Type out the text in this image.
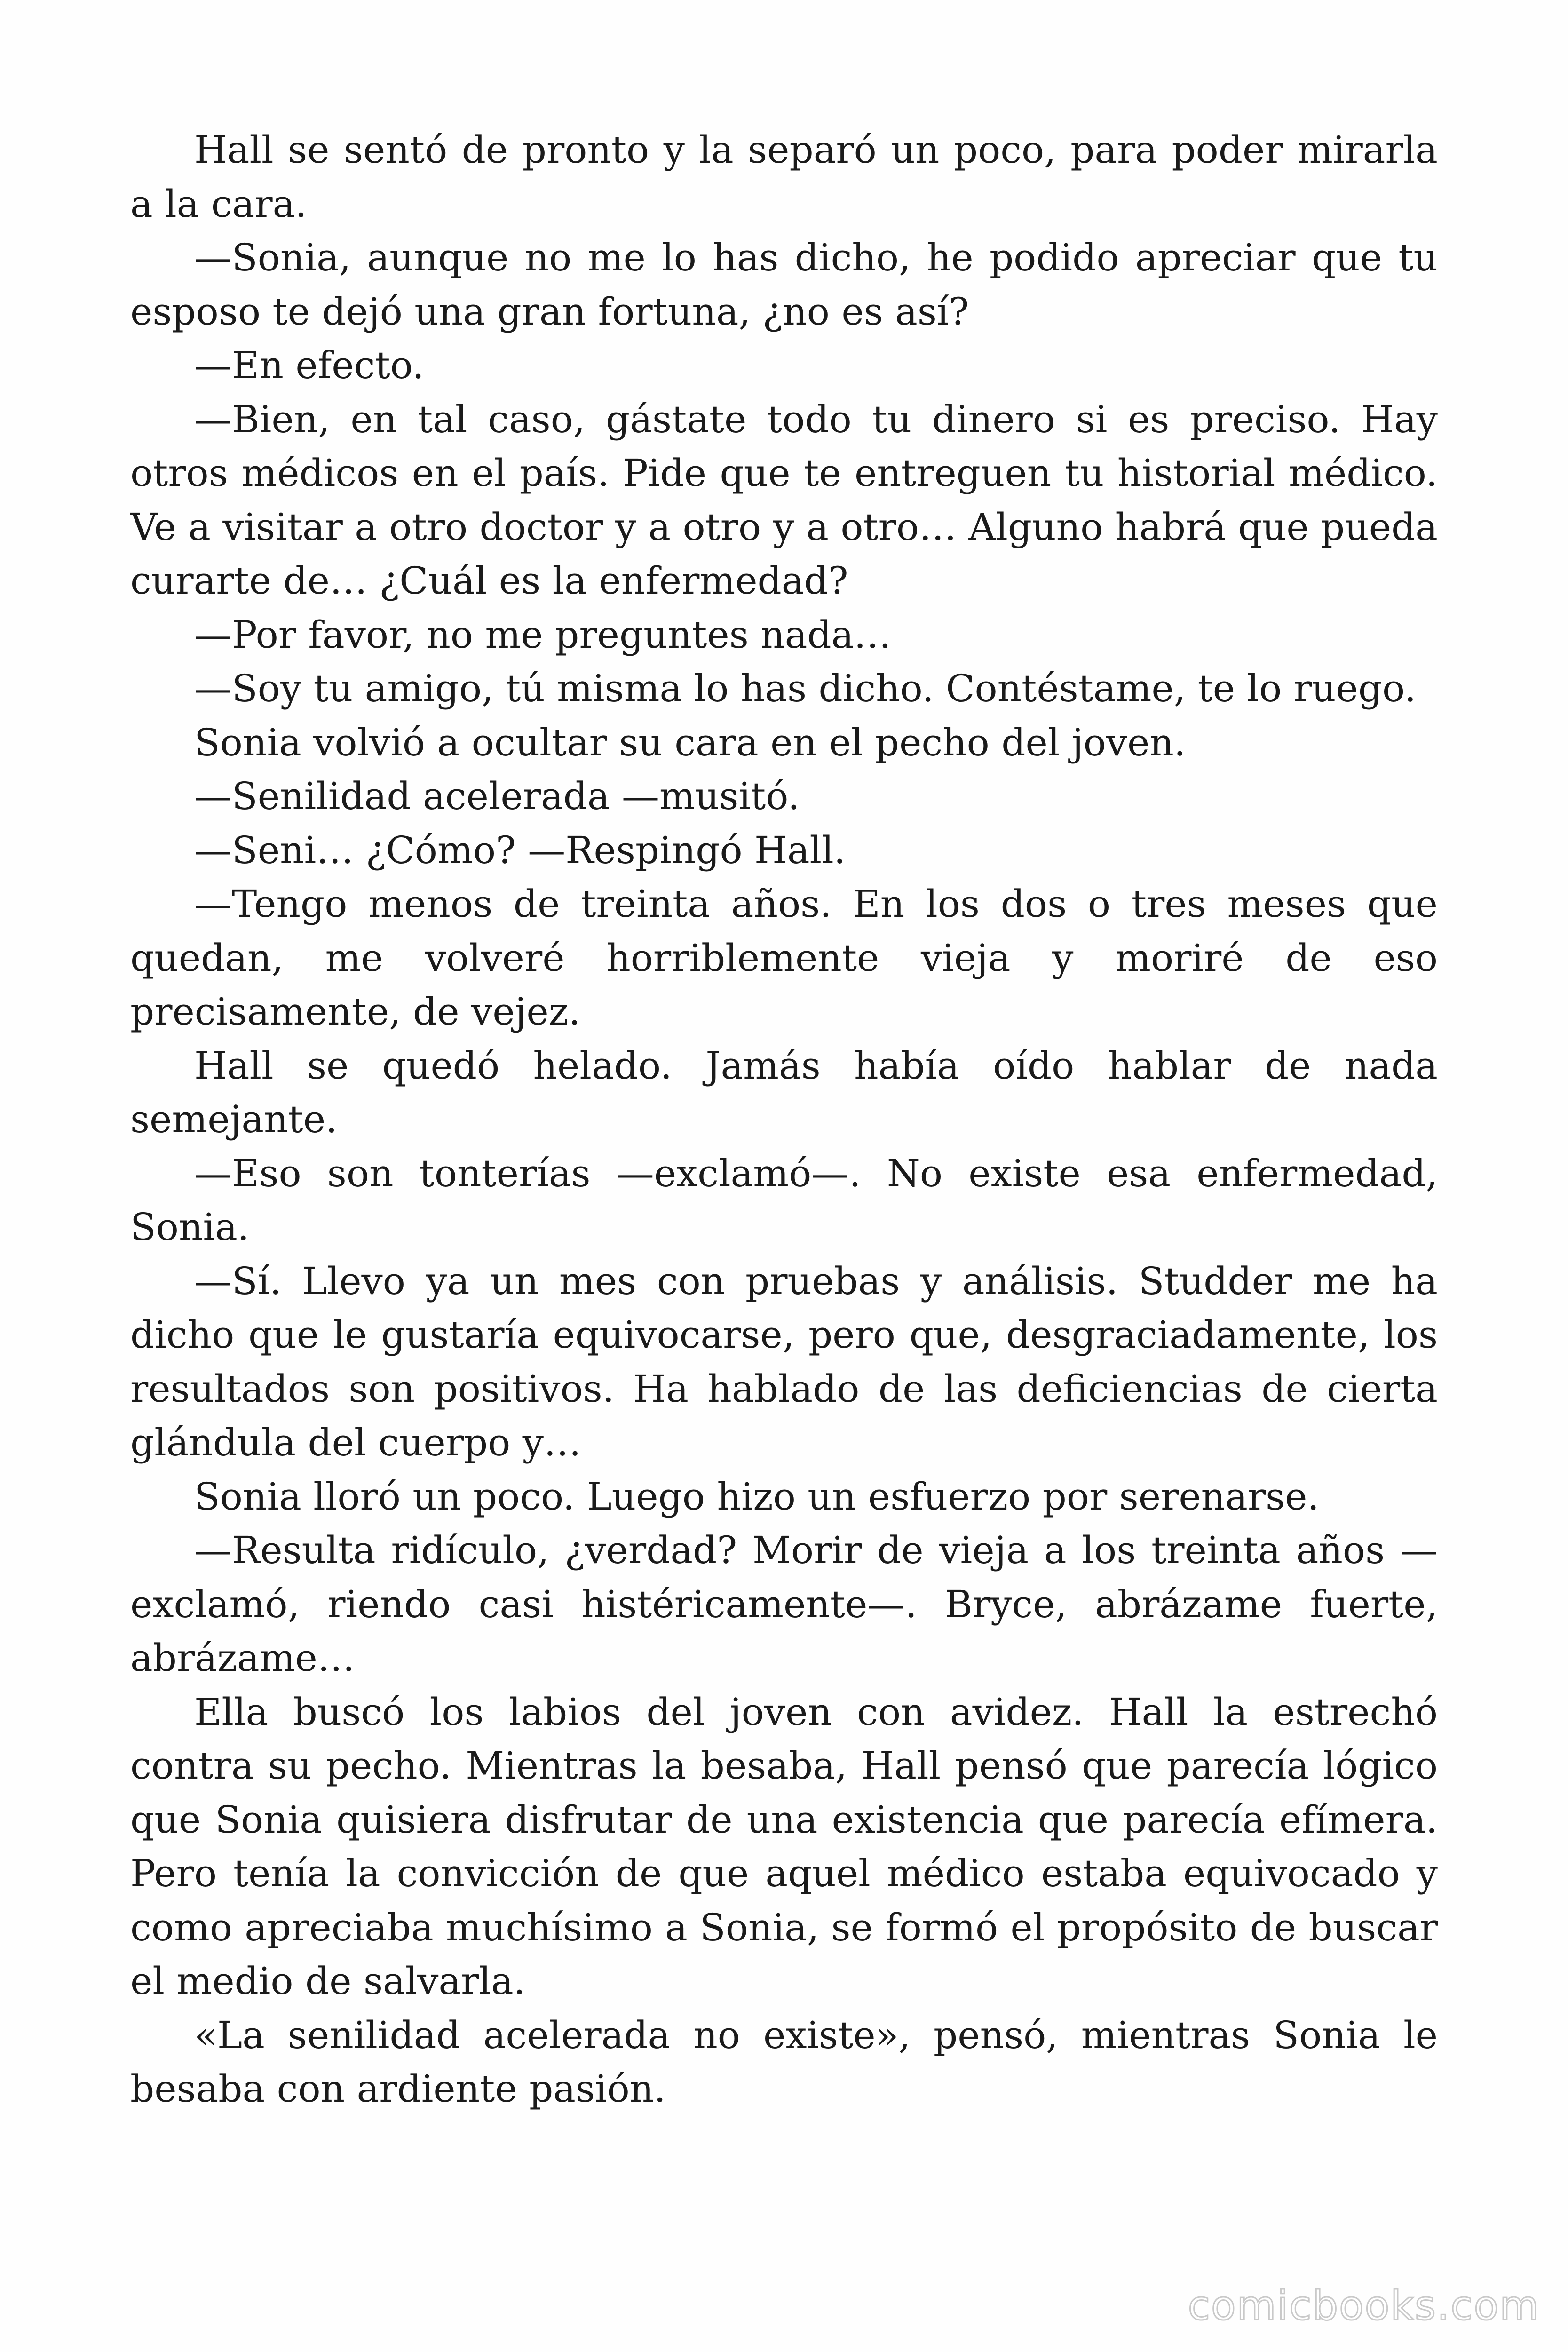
Hall se sentó de pronto y la separó un poco, para poder mirarla a la cara.

—Sonia, aunque no me lo has dicho, he podido apreciar que tu esposo te dejó una gran fortuna, ¿no es así?

—En efecto.

—Bien, en tal caso, gástate todo tu dinero si es preciso. Hay otros médicos en el país. Pide que te entreguen tu historial médico. Ve a visitar a otro doctor y a otro y a otro… Alguno habrá que pueda curarte de… ¿Cuál es la enfermedad?

—Por favor, no me preguntes nada…

—Soy tu amigo, tú misma lo has dicho. Contéstame, te lo ruego.

Sonia volvió a ocultar su cara en el pecho del joven.

—Senilidad acelerada —musitó.

—Seni… ¿Cómo? —Respingó Hall.

—Tengo menos de treinta años. En los dos o tres meses que quedan, me volveré horriblemente vieja y moriré de eso precisamente, de vejez.

Hall se quedó helado. Jamás había oído hablar de nada semejante.

—Eso son tonterías —exclamó—. No existe esa enfermedad, Sonia.

—Sí. Llevo ya un mes con pruebas y análisis. Studder me ha dicho que le gustaría equivocarse, pero que, desgraciadamente, los resultados son positivos. Ha hablado de las deficiencias de cierta glándula del cuerpo y…

Sonia lloró un poco. Luego hizo un esfuerzo por serenarse.

—Resulta ridículo, ¿verdad? Morir de vieja a los treinta años —exclamó, riendo casi histéricamente—. Bryce, abrázame fuerte, abrázame…

Ella buscó los labios del joven con avidez. Hall la estrechó contra su pecho. Mientras la besaba, Hall pensó que parecía lógico que Sonia quisiera disfrutar de una existencia que parecía efímera. Pero tenía la convicción de que aquel médico estaba equivocado y como apreciaba muchísimo a Sonia, se formó el propósito de buscar el medio de salvarla.

«La senilidad acelerada no existe», pensó, mientras Sonia le besaba con ardiente pasión.

comicbooks.com
